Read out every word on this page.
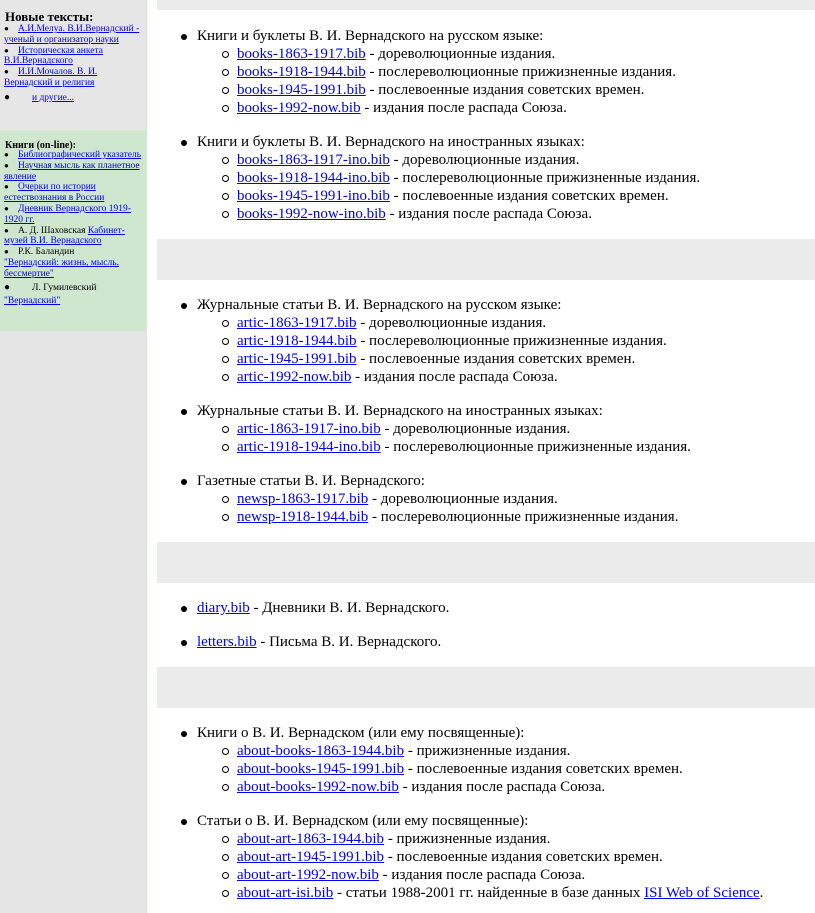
Новые тексты:
● А.И.Мелуа. В.И.Вернадский - ученый и организатор науки
● Историческая анкета В.И.Вернадского
● И.И.Мочалов. В. И. Вернадский и религия
● и другие...
Книги (on-line):
● Библиографический указатель
● Научная мысль как планетное явление
● Очерки по истории естествознания в России
● Дневник Вернадского 1919-1920 гг.
● А. Д. Шаховская Кабинет-музей В.И. Вернадского
● Р.К. Баландин
"Вернадский: жизнь, мысль, бессмертие"
● Л. Гумилевский
"Вернадский"
Книги и буклеты В. И. Вернадского на русском языке:
books-1863-1917.bib - дореволюционные издания.
books-1918-1944.bib - послереволюционные прижизненные издания.
books-1945-1991.bib - послевоенные издания советских времен.
books-1992-now.bib - издания после распада Союза.
Книги и буклеты В. И. Вернадского на иностранных языках:
books-1863-1917-ino.bib - дореволюционные издания.
books-1918-1944-ino.bib - послереволюционные прижизненные издания.
books-1945-1991-ino.bib - послевоенные издания советских времен.
books-1992-now-ino.bib - издания после распада Союза.
Журнальные статьи В. И. Вернадского на русском языке:
artic-1863-1917.bib - дореволюционные издания.
artic-1918-1944.bib - послереволюционные прижизненные издания.
artic-1945-1991.bib - послевоенные издания советских времен.
artic-1992-now.bib - издания после распада Союза.
Журнальные статьи В. И. Вернадского на иностранных языках:
artic-1863-1917-ino.bib - дореволюционные издания.
artic-1918-1944-ino.bib - послереволюционные прижизненные издания.
Газетные статьи В. И. Вернадского:
newsp-1863-1917.bib - дореволюционные издания.
newsp-1918-1944.bib - послереволюционные прижизненные издания.
diary.bib - Дневники В. И. Вернадского.
letters.bib - Письма В. И. Вернадского.
Книги о В. И. Вернадском (или ему посвященные):
about-books-1863-1944.bib - прижизненные издания.
about-books-1945-1991.bib - послевоенные издания советских времен.
about-books-1992-now.bib - издания после распада Союза.
Статьи о В. И. Вернадском (или ему посвященные):
about-art-1863-1944.bib - прижизненные издания.
about-art-1945-1991.bib - послевоенные издания советских времен.
about-art-1992-now.bib - издания после распада Союза.
about-art-isi.bib - статьи 1988-2001 гг. найденные в базе данных ISI Web of Science.
